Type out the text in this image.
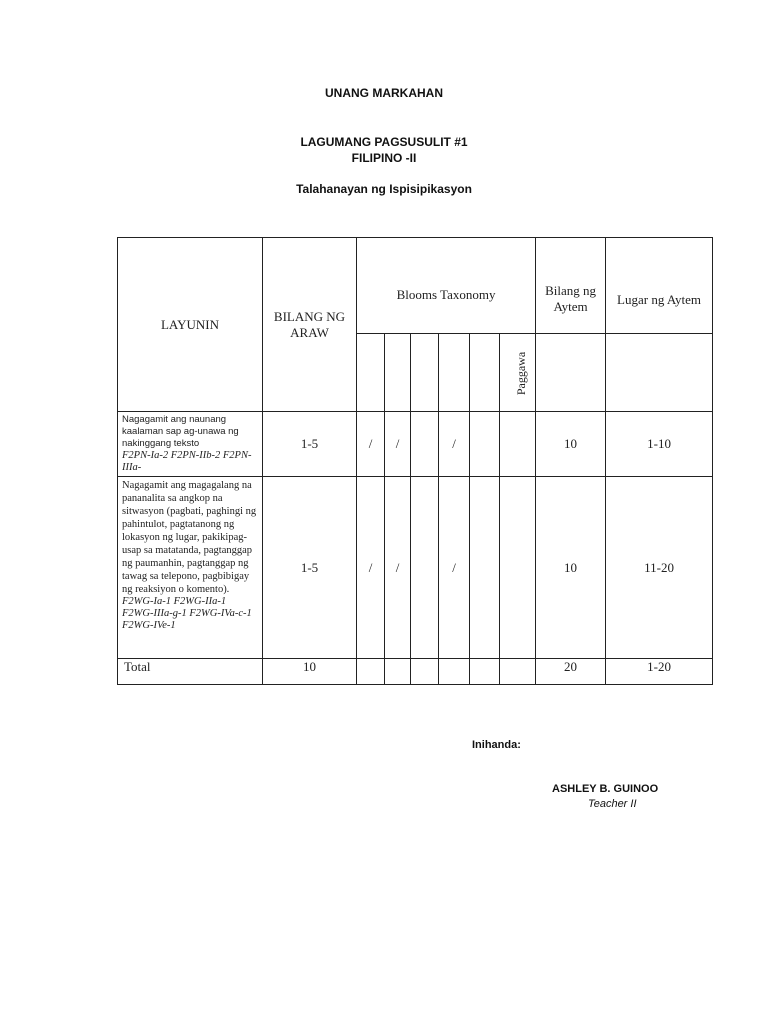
UNANG MARKAHAN
LAGUMANG PAGSUSULIT #1
FILIPINO -II
Talahanayan ng Ispisipikasyon
LAYUNIN	BILANG NG ARAW	Blooms Taxonomy						Bilang ng Aytem	Lugar ng Aytem
							Paggawa		

Nagagamit ang naunang kaalaman sap ag-unawa ng nakinggang teksto
F2PN-Ia-2 F2PN-IIb-2 F2PN-IIIa-	1-5	/	/		/			10	1-10

Nagagamit ang magagalang na pananalita sa angkop na sitwasyon (pagbati, paghingi ng pahintulot, pagtatanong ng lokasyon ng lugar, pakikipag-usap sa matatanda, pagtanggap ng paumanhin, pagtanggap ng tawag sa telepono, pagbibigay ng reaksiyon o komento).
F2WG-Ia-1 F2WG-IIa-1 F2WG-IIIa-g-1 F2WG-IVa-c-1 F2WG-IVe-1	1-5	/	/		/			10	11-20
Total	10							20	1-20
Inihanda:
ASHLEY B. GUINOO
Teacher II
